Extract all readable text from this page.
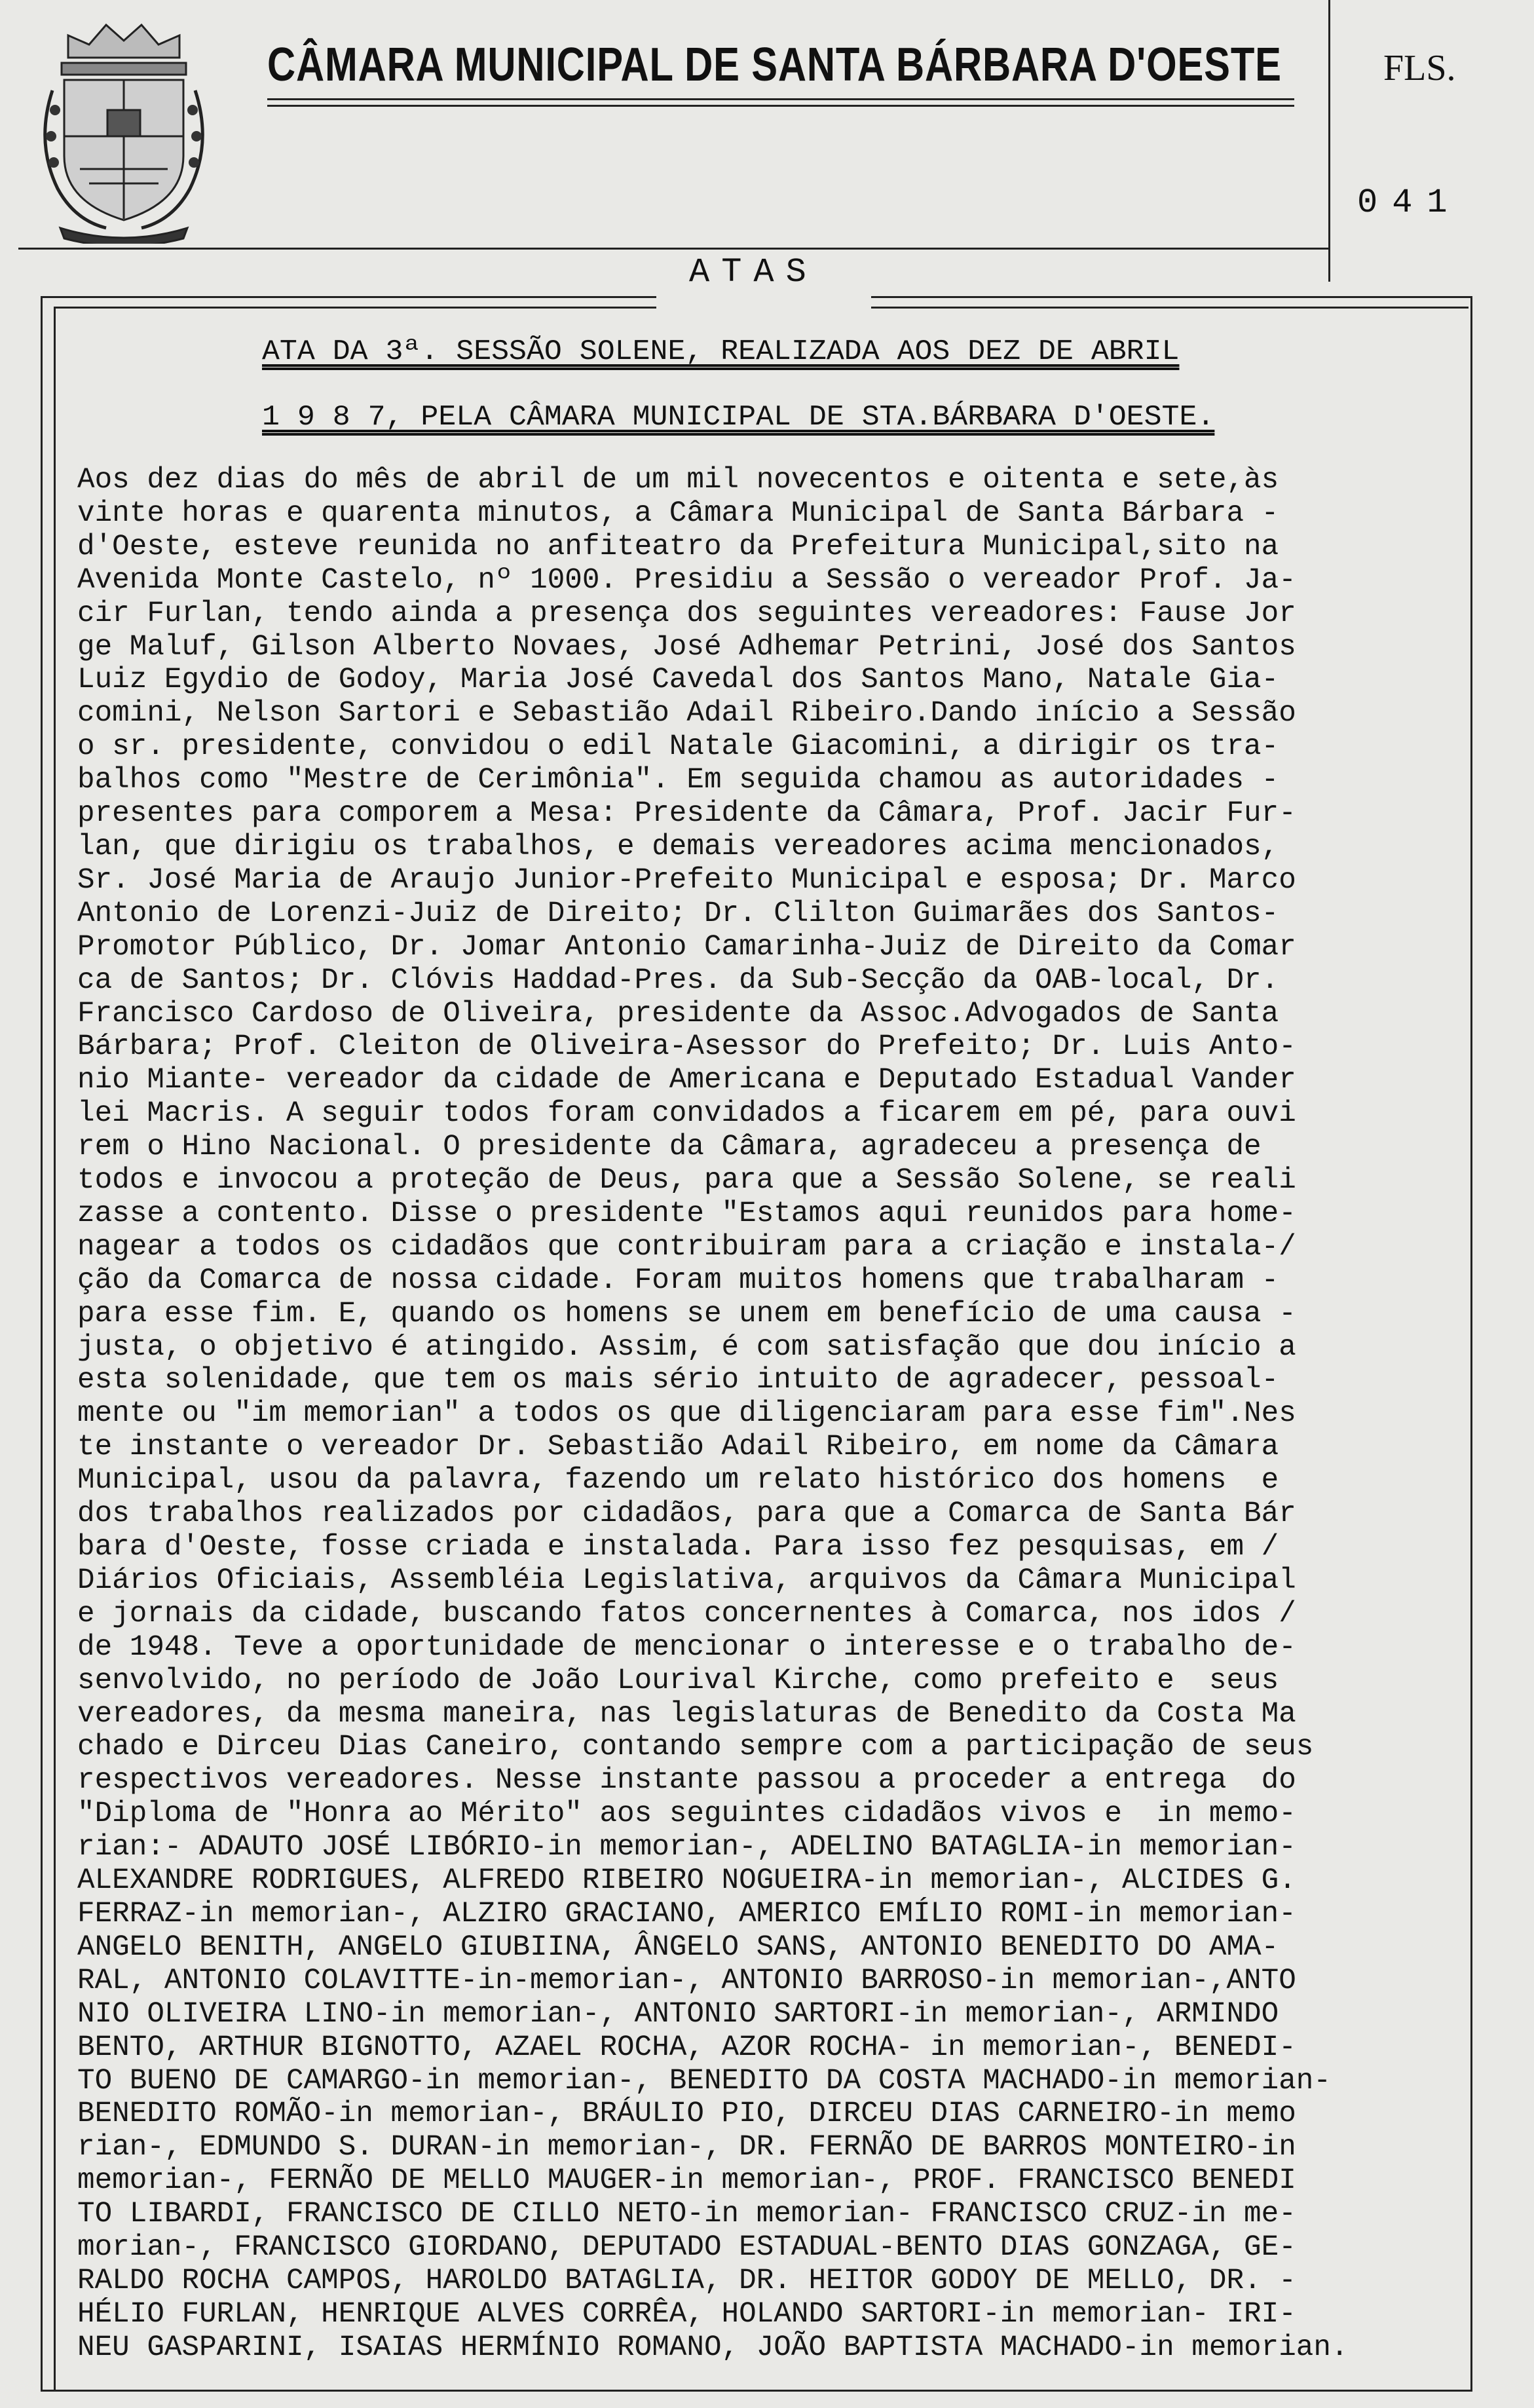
CÂMARA MUNICIPAL DE SANTA BÁRBARA D'OESTE	FLS.
041
ATAS
ATA DA 3ª. SESSÃO SOLENE, REALIZADA AOS DEZ DE ABRIL
1 9 8 7, PELA CÂMARA MUNICIPAL DE STA.BÁRBARA D'OESTE.
Aos dez dias do mês de abril de um mil novecentos e oitenta e sete,às
vinte horas e quarenta minutos, a Câmara Municipal de Santa Bárbara -
d'Oeste, esteve reunida no anfiteatro da Prefeitura Municipal,sito na
Avenida Monte Castelo, nº 1000. Presidiu a Sessão o vereador Prof. Ja-
cir Furlan, tendo ainda a presença dos seguintes vereadores: Fause Jor
ge Maluf, Gilson Alberto Novaes, José Adhemar Petrini, José dos Santos
Luiz Egydio de Godoy, Maria José Cavedal dos Santos Mano, Natale Gia-
comini, Nelson Sartori e Sebastião Adail Ribeiro.Dando início a Sessão
o sr. presidente, convidou o edil Natale Giacomini, a dirigir os tra-
balhos como "Mestre de Cerimônia". Em seguida chamou as autoridades -
presentes para comporem a Mesa: Presidente da Câmara, Prof. Jacir Fur-
lan, que dirigiu os trabalhos, e demais vereadores acima mencionados,
Sr. José Maria de Araujo Junior-Prefeito Municipal e esposa; Dr. Marco
Antonio de Lorenzi-Juiz de Direito; Dr. Clilton Guimarães dos Santos-
Promotor Público, Dr. Jomar Antonio Camarinha-Juiz de Direito da Comar
ca de Santos; Dr. Clóvis Haddad-Pres. da Sub-Secção da OAB-local, Dr.
Francisco Cardoso de Oliveira, presidente da Assoc.Advogados de Santa
Bárbara; Prof. Cleiton de Oliveira-Asessor do Prefeito; Dr. Luis Anto-
nio Miante- vereador da cidade de Americana e Deputado Estadual Vander
lei Macris. A seguir todos foram convidados a ficarem em pé, para ouvi
rem o Hino Nacional. O presidente da Câmara, agradeceu a presença de
todos e invocou a proteção de Deus, para que a Sessão Solene, se reali
zasse a contento. Disse o presidente "Estamos aqui reunidos para home-
nagear a todos os cidadãos que contribuiram para a criação e instala-/
ção da Comarca de nossa cidade. Foram muitos homens que trabalharam -
para esse fim. E, quando os homens se unem em benefício de uma causa -
justa, o objetivo é atingido. Assim, é com satisfação que dou início a
esta solenidade, que tem os mais sério intuito de agradecer, pessoal-
mente ou "im memorian" a todos os que diligenciaram para esse fim".Nes
te instante o vereador Dr. Sebastião Adail Ribeiro, em nome da Câmara
Municipal, usou da palavra, fazendo um relato histórico dos homens  e
dos trabalhos realizados por cidadãos, para que a Comarca de Santa Bár
bara d'Oeste, fosse criada e instalada. Para isso fez pesquisas, em /
Diários Oficiais, Assembléia Legislativa, arquivos da Câmara Municipal
e jornais da cidade, buscando fatos concernentes à Comarca, nos idos /
de 1948. Teve a oportunidade de mencionar o interesse e o trabalho de-
senvolvido, no período de João Lourival Kirche, como prefeito e  seus
vereadores, da mesma maneira, nas legislaturas de Benedito da Costa Ma
chado e Dirceu Dias Caneiro, contando sempre com a participação de seus
respectivos vereadores. Nesse instante passou a proceder a entrega  do
"Diploma de "Honra ao Mérito" aos seguintes cidadãos vivos e  in memo-
rian:- ADAUTO JOSÉ LIBÓRIO-in memorian-, ADELINO BATAGLIA-in memorian-
ALEXANDRE RODRIGUES, ALFREDO RIBEIRO NOGUEIRA-in memorian-, ALCIDES G.
FERRAZ-in memorian-, ALZIRO GRACIANO, AMERICO EMÍLIO ROMI-in memorian-
ANGELO BENITH, ANGELO GIUBIINA, ÂNGELO SANS, ANTONIO BENEDITO DO AMA-
RAL, ANTONIO COLAVITTE-in-memorian-, ANTONIO BARROSO-in memorian-,ANTO
NIO OLIVEIRA LINO-in memorian-, ANTONIO SARTORI-in memorian-, ARMINDO
BENTO, ARTHUR BIGNOTTO, AZAEL ROCHA, AZOR ROCHA- in memorian-, BENEDI-
TO BUENO DE CAMARGO-in memorian-, BENEDITO DA COSTA MACHADO-in memorian-
BENEDITO ROMÃO-in memorian-, BRÁULIO PIO, DIRCEU DIAS CARNEIRO-in memo
rian-, EDMUNDO S. DURAN-in memorian-, DR. FERNÃO DE BARROS MONTEIRO-in
memorian-, FERNÃO DE MELLO MAUGER-in memorian-, PROF. FRANCISCO BENEDI
TO LIBARDI, FRANCISCO DE CILLO NETO-in memorian- FRANCISCO CRUZ-in me-
morian-, FRANCISCO GIORDANO, DEPUTADO ESTADUAL-BENTO DIAS GONZAGA, GE-
RALDO ROCHA CAMPOS, HAROLDO BATAGLIA, DR. HEITOR GODOY DE MELLO, DR. -
HÉLIO FURLAN, HENRIQUE ALVES CORRÊA, HOLANDO SARTORI-in memorian- IRI-
NEU GASPARINI, ISAIAS HERMÍNIO ROMANO, JOÃO BAPTISTA MACHADO-in memorian.
